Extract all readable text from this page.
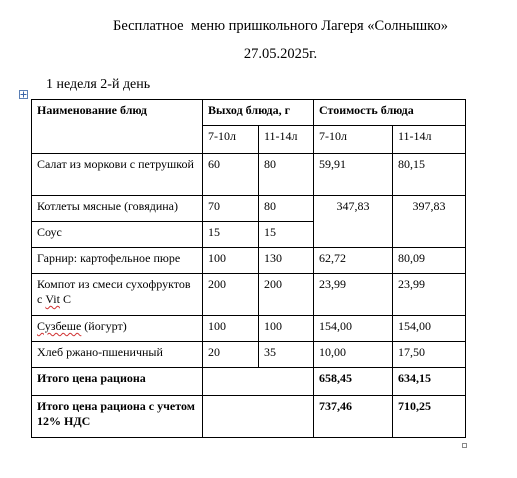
Бесплатное  меню пришкольного Лагеря «Солнышко»
27.05.2025г.
1 неделя 2-й день
Наименование блюд	Выход блюда, г		Стоимость блюда	
	7-10л	11-14л	7-10л	11-14л
Салат из моркови с петрушкой	60	80	59,91	80,15
Котлеты мясные (говядина)	70	80	347,83	397,83
Соус	15	15		
Гарнир: картофельное пюре	100	130	62,72	80,09
Компот из смеси сухофруктов с Vit С	200	200	23,99	23,99
Сузбеше (йогурт)	100	100	154,00	154,00
Хлеб ржано-пшеничный	20	35	10,00	17,50
Итого цена рациона			658,45	634,15
Итого цена рациона с учетом 12% НДС			737,46	710,25
